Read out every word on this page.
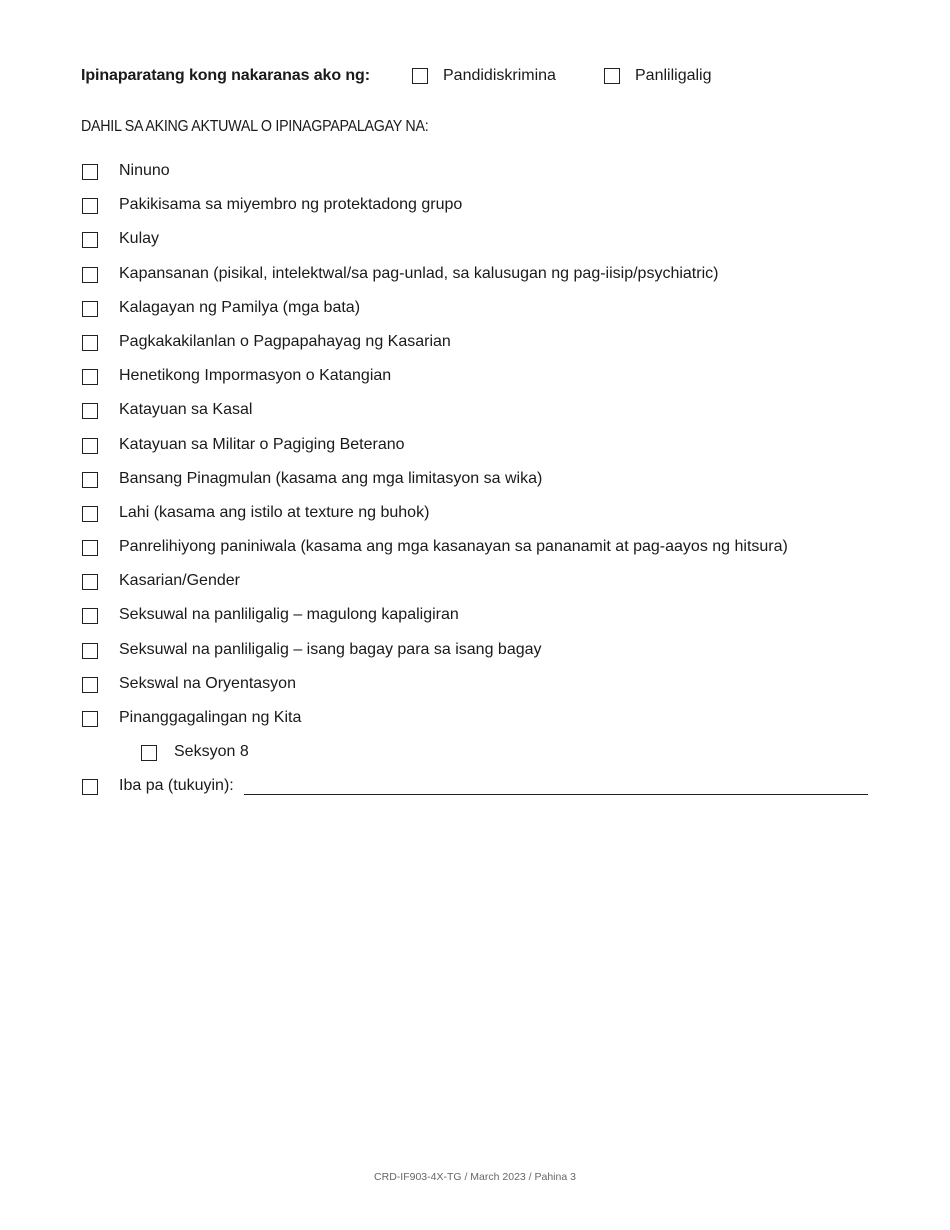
Ipinaparatang kong nakaranas ako ng:	Pandidiskrimina	Panliligalig
DAHIL SA AKING AKTUWAL O IPINAGPAPALAGAY NA:
Ninuno
Pakikisama sa miyembro ng protektadong grupo
Kulay
Kapansanan (pisikal, intelektwal/sa pag-unlad, sa kalusugan ng pag-iisip/psychiatric)
Kalagayan ng Pamilya (mga bata)
Pagkakakilanlan o Pagpapahayag ng Kasarian
Henetikong Impormasyon o Katangian
Katayuan sa Kasal
Katayuan sa Militar o Pagiging Beterano
Bansang Pinagmulan (kasama ang mga limitasyon sa wika)
Lahi (kasama ang istilo at texture ng buhok)
Panrelihiyong paniniwala (kasama ang mga kasanayan sa pananamit at pag-aayos ng hitsura)
Kasarian/Gender
Seksuwal na panliligalig – magulong kapaligiran
Seksuwal na panliligalig – isang bagay para sa isang bagay
Sekswal na Oryentasyon
Pinanggagalingan ng Kita
Seksyon 8
Iba pa (tukuyin):
CRD-IF903-4X-TG / March 2023 / Pahina 3
